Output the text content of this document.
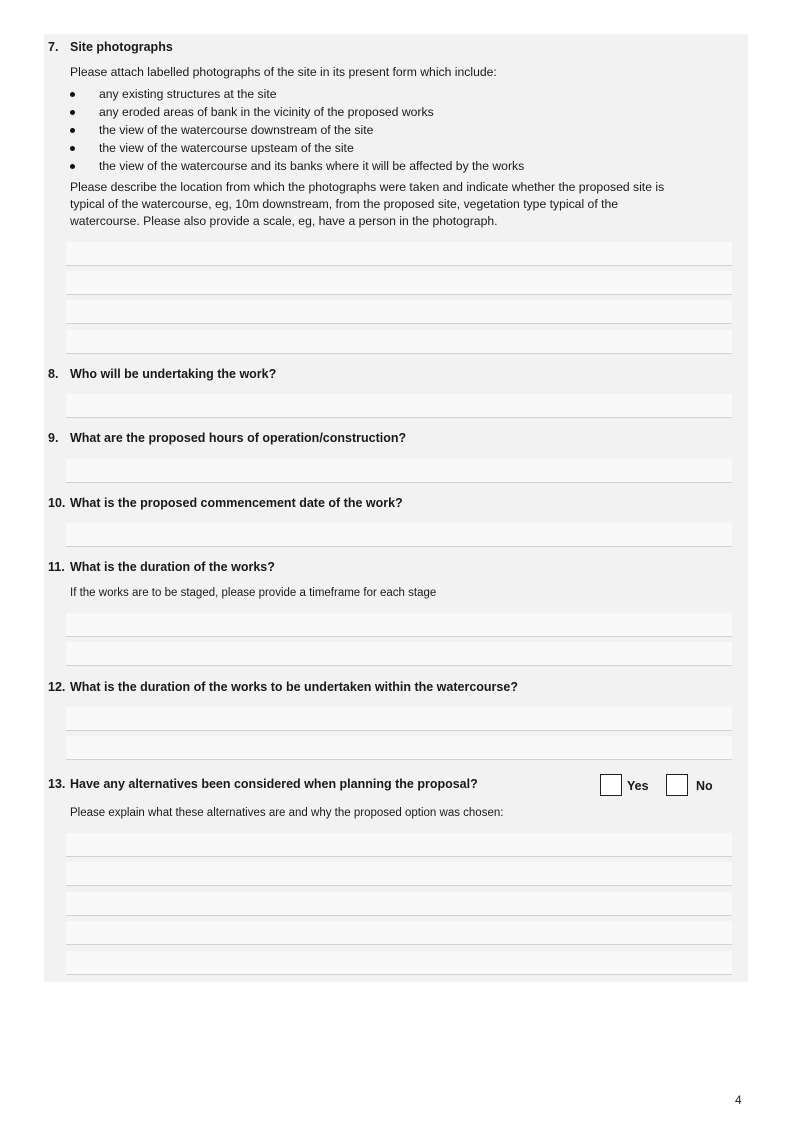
7. Site photographs
Please attach labelled photographs of the site in its present form which include:
any existing structures at the site
any eroded areas of bank in the vicinity of the proposed works
the view of the watercourse downstream of the site
the view of the watercourse upsteam of the site
the view of the watercourse and its banks where it will be affected by the works
Please describe the location from which the photographs were taken and indicate whether the proposed site is
typical of the watercourse, eg, 10m downstream, from the proposed site, vegetation type typical of the
watercourse. Please also provide a scale, eg, have a person in the photograph.
8. Who will be undertaking the work?
9. What are the proposed hours of operation/construction?
10. What is the proposed commencement date of the work?
11. What is the duration of the works?
If the works are to be staged, please provide a timeframe for each stage
12. What is the duration of the works to be undertaken within the watercourse?
13. Have any alternatives been considered when planning the proposal?	Yes	No
Please explain what these alternatives are and why the proposed option was chosen:
4
